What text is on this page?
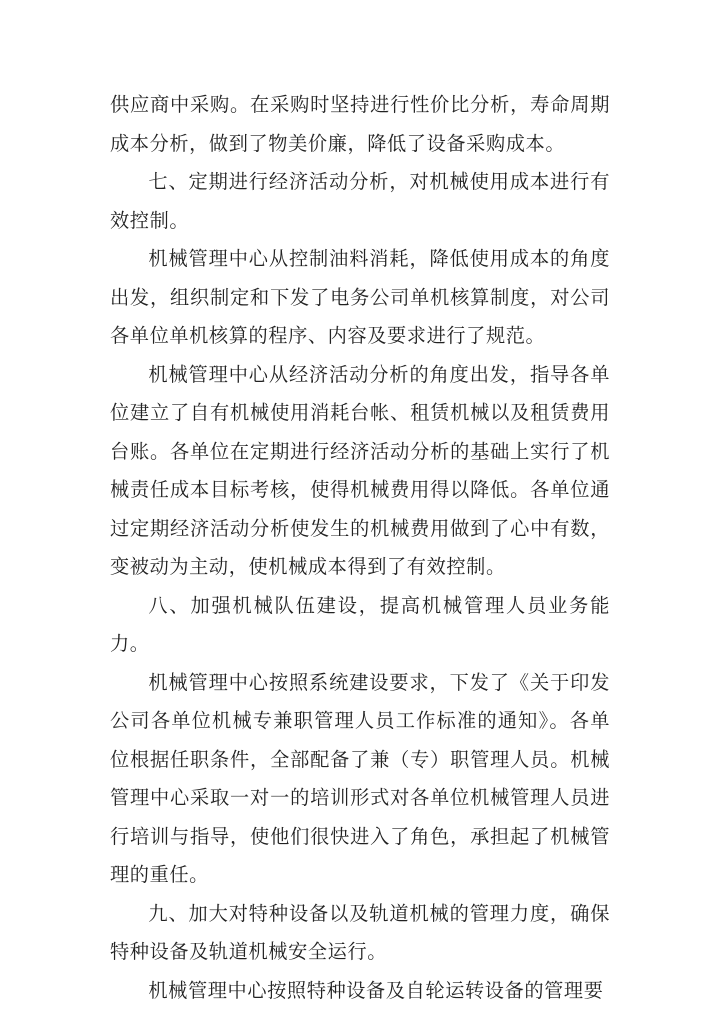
供应商中采购。在采购时坚持进行性价比分析，寿命周期成本分析，做到了物美价廉，降低了设备采购成本。

七、定期进行经济活动分析，对机械使用成本进行有效控制。

机械管理中心从控制油料消耗，降低使用成本的角度出发，组织制定和下发了电务公司单机核算制度，对公司各单位单机核算的程序、内容及要求进行了规范。

机械管理中心从经济活动分析的角度出发，指导各单位建立了自有机械使用消耗台帐、租赁机械以及租赁费用台账。各单位在定期进行经济活动分析的基础上实行了机械责任成本目标考核，使得机械费用得以降低。各单位通过定期经济活动分析使发生的机械费用做到了心中有数，变被动为主动，使机械成本得到了有效控制。

八、加强机械队伍建设，提高机械管理人员业务能力。

机械管理中心按照系统建设要求，下发了《关于印发公司各单位机械专兼职管理人员工作标准的通知》。各单位根据任职条件，全部配备了兼（专）职管理人员。机械管理中心采取一对一的培训形式对各单位机械管理人员进行培训与指导，使他们很快进入了角色，承担起了机械管理的重任。

九、加大对特种设备以及轨道机械的管理力度，确保特种设备及轨道机械安全运行。

机械管理中心按照特种设备及自轮运转设备的管理要
